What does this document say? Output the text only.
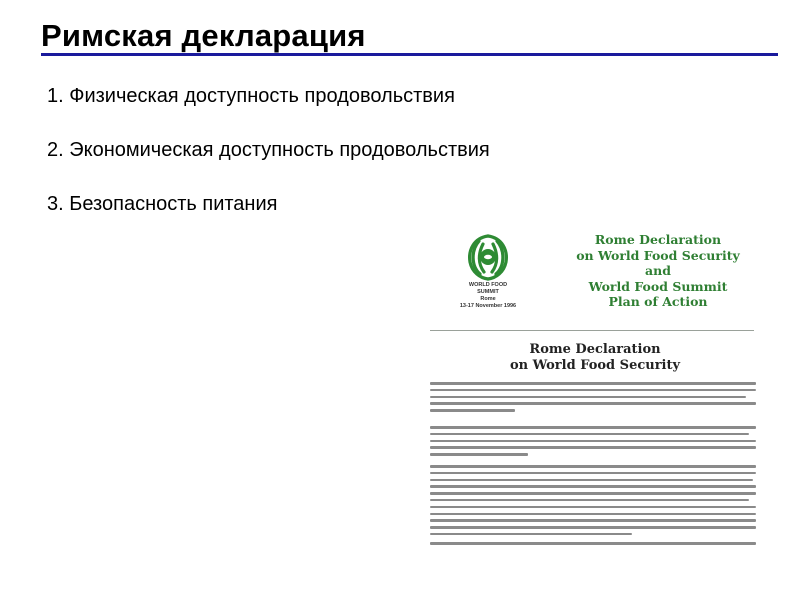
Римская декларация
1. Физическая доступность продовольствия
2. Экономическая доступность продовольствия
3. Безопасность питания
WORLD FOOD
SUMMIT
Rome
13-17 November 1996
Rome Declaration
on World Food Security
and
World Food Summit
Plan of Action
Rome Declaration
on World Food Security
